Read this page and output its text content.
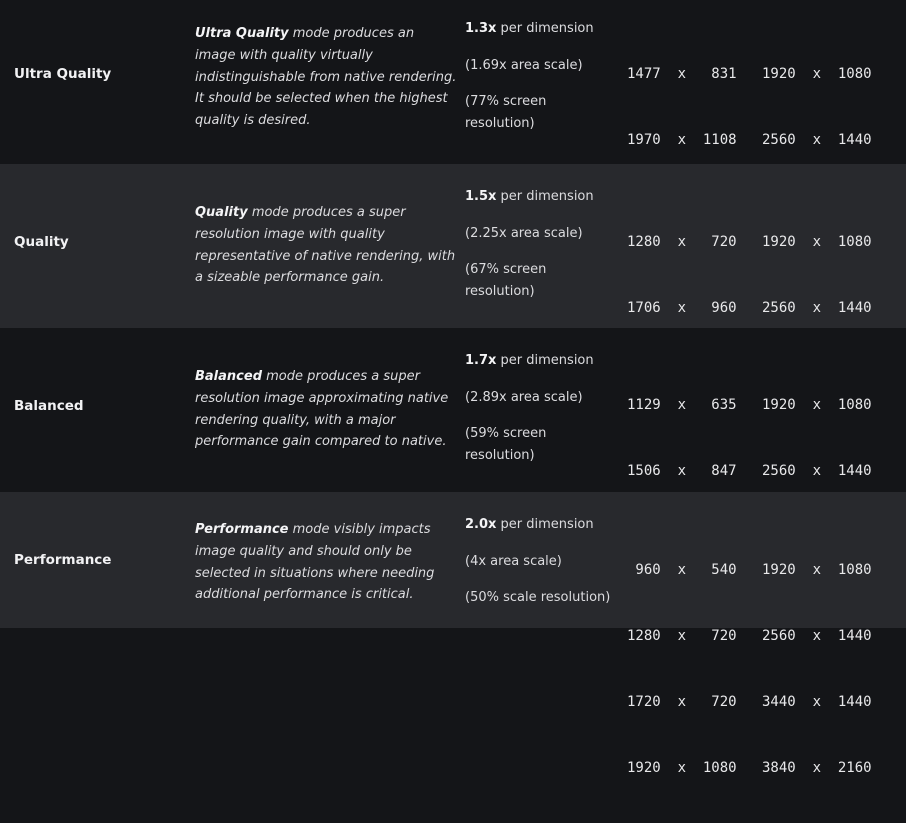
Ultra Quality
Ultra Quality mode produces an image with quality virtually indistinguishable from native rendering. It should be selected when the highest quality is desired.
1.3x per dimension
(1.69x area scale)
(77% screen resolution)

1477  x   831

1970  x  1108

1920  x  1080

2560  x  1440

Quality
Quality mode produces a super resolution image with quality representative of native rendering, with a sizeable performance gain.
1.5x per dimension
(2.25x area scale)
(67% screen resolution)

1280  x   720

1706  x   960

1920  x  1080

2560  x  1440

Balanced
Balanced mode produces a super resolution image approximating native rendering quality, with a major performance gain compared to native.
1.7x per dimension
(2.89x area scale)
(59% screen resolution)

1129  x   635

1506  x   847

1920  x  1080

2560  x  1440

Performance
Performance mode visibly impacts image quality and should only be selected in situations where needing additional performance is critical.
2.0x per dimension
(4x area scale)
(50% scale resolution)

960  x   540

1280  x   720

1720  x   720

1920  x  1080

1920  x  1080

2560  x  1440

3440  x  1440

3840  x  2160
